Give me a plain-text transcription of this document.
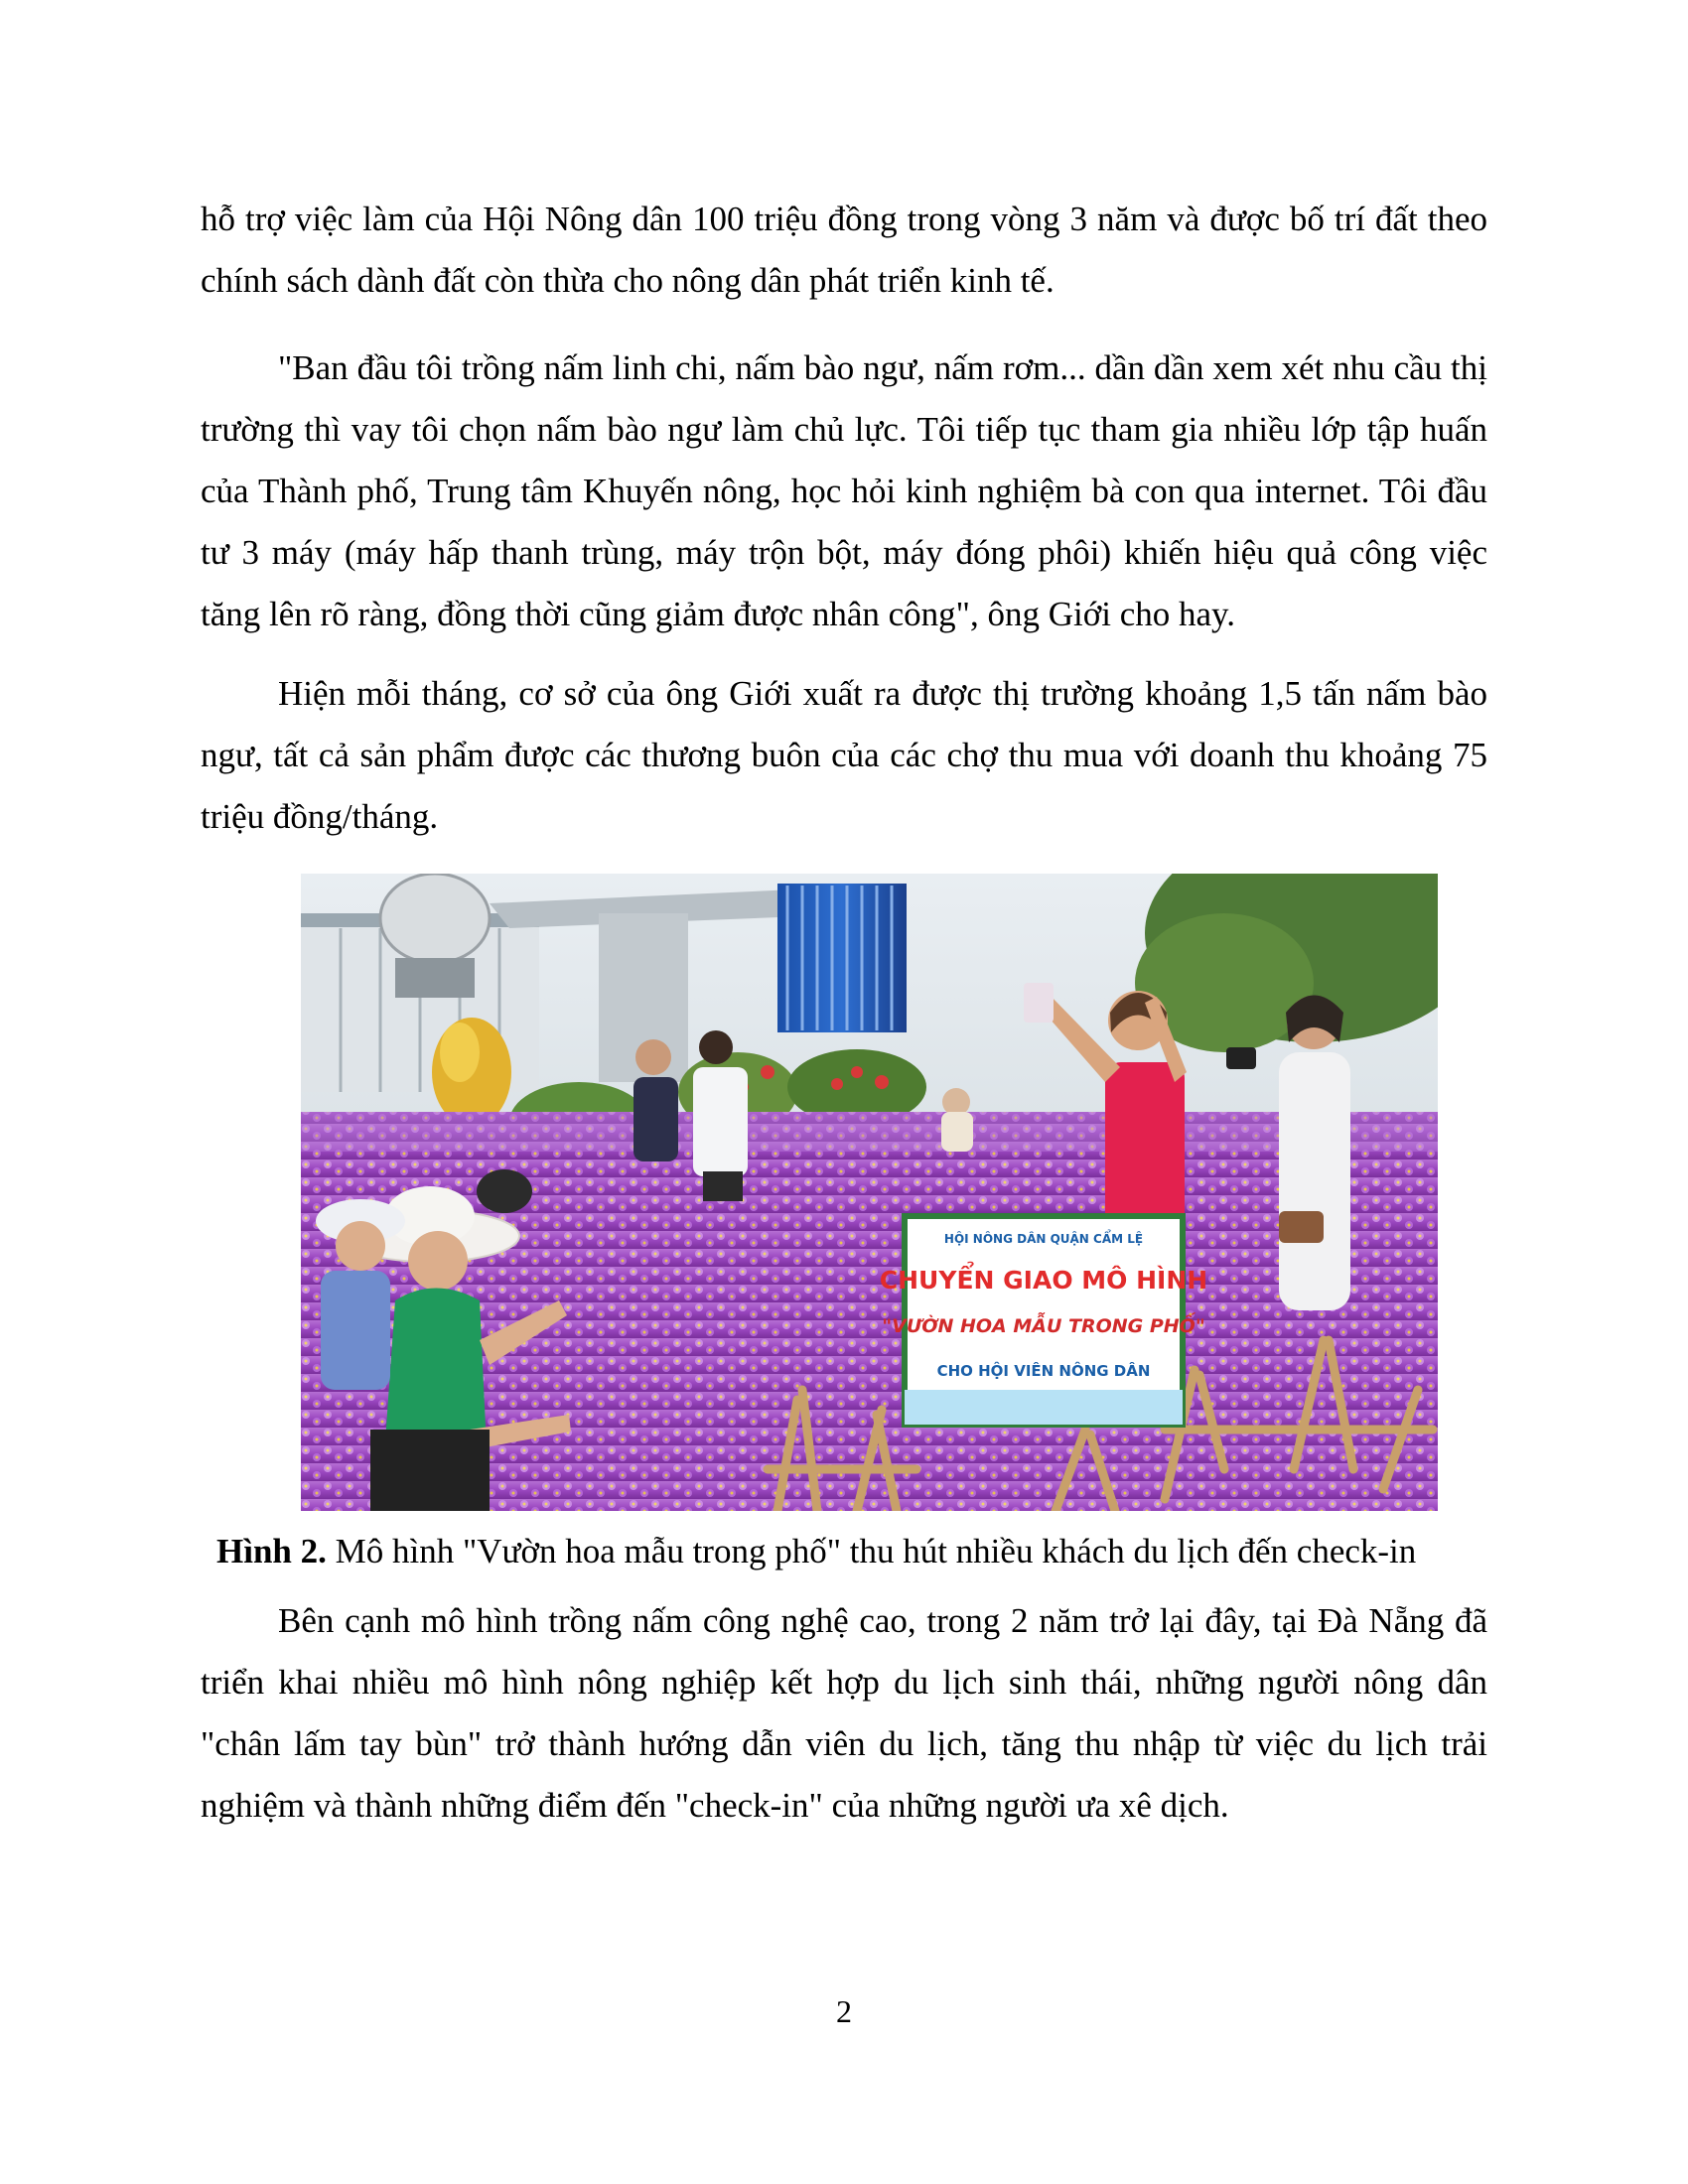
hỗ trợ việc làm của Hội Nông dân 100 triệu đồng trong vòng 3 năm và được bố trí đất theo chính sách dành đất còn thừa cho nông dân phát triển kinh tế.

"Ban đầu tôi trồng nấm linh chi, nấm bào ngư, nấm rơm... dần dần xem xét nhu cầu thị trường thì vay tôi chọn nấm bào ngư làm chủ lực. Tôi tiếp tục tham gia nhiều lớp tập huấn của Thành phố, Trung tâm Khuyến nông, học hỏi kinh nghiệm bà con qua internet. Tôi đầu tư 3 máy (máy hấp thanh trùng, máy trộn bột, máy đóng phôi) khiến hiệu quả công việc tăng lên rõ ràng, đồng thời cũng giảm được nhân công", ông Giới cho hay.

Hiện mỗi tháng, cơ sở của ông Giới xuất ra được thị trường khoảng 1,5 tấn nấm bào ngư, tất cả sản phẩm được các thương buôn của các chợ thu mua với doanh thu khoảng 75 triệu đồng/tháng.

HỘI NÔNG DÂN QUẬN CẨM LỆ
CHUYỂN GIAO MÔ HÌNH
"VƯỜN HOA MẪU TRONG PHỐ"
CHO HỘI VIÊN NÔNG DÂN

Hình 2. Mô hình "Vườn hoa mẫu trong phố" thu hút nhiều khách du lịch đến check-in

Bên cạnh mô hình trồng nấm công nghệ cao, trong 2 năm trở lại đây, tại Đà Nẵng đã triển khai nhiều mô hình nông nghiệp kết hợp du lịch sinh thái, những người nông dân "chân lấm tay bùn" trở thành hướng dẫn viên du lịch, tăng thu nhập từ việc du lịch trải nghiệm và thành những điểm đến "check-in" của những người ưa xê dịch.

2
